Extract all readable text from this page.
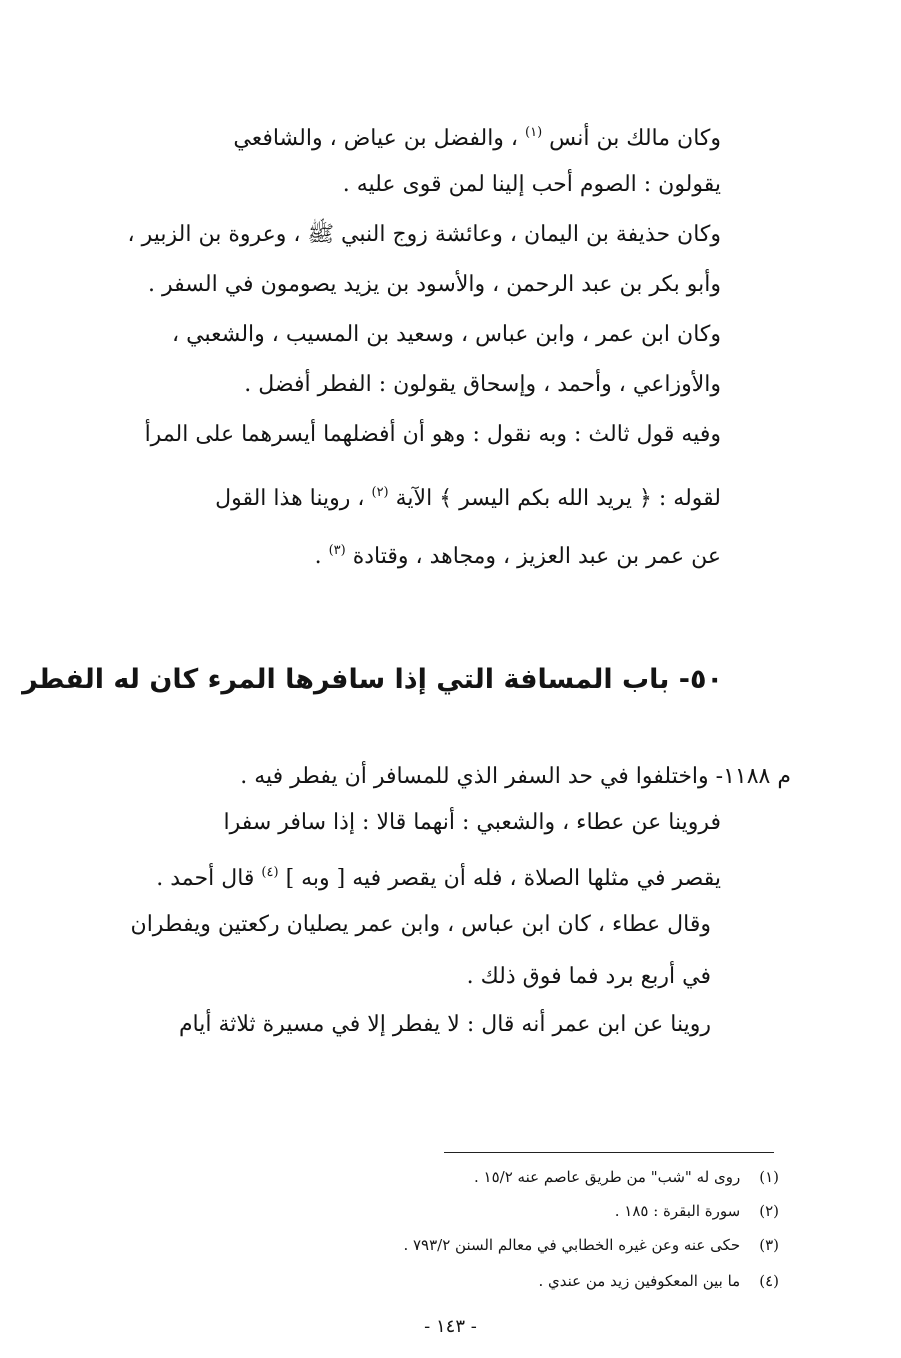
وكان مالك بن أنس $^{(١)}$ ، والفضل بن عياض ، والشافعي
يقولون : الصوم أحب إلينا لمن قوى عليه .
وكان حذيفة بن اليمان ، وعائشة زوج النبي ﷺ ، وعروة بن الزبير ،
وأبو بكر بن عبد الرحمن ، والأسود بن يزيد يصومون في السفر .
وكان ابن عمر ، وابن عباس ، وسعيد بن المسيب ، والشعبي ،
والأوزاعي ، وأحمد ، وإسحاق يقولون : الفطر أفضل .
وفيه قول ثالث : وبه نقول : وهو أن أفضلهما أيسرهما على المرأ
لقوله : ﴿ يريد الله بكم اليسر ﴾ الآية $^{(٢)}$ ، روينا هذا القول
عن عمر بن عبد العزيز ، ومجاهد ، وقتادة $^{(٣)}$ .
٥٠- باب المسافة التي إذا سافرها المرء كان له الفطر
م ١١٨٨- واختلفوا في حد السفر الذي للمسافر أن يفطر فيه .
فروينا عن عطاء ، والشعبي : أنهما قالا : إذا سافر سفرا
يقصر في مثلها الصلاة ، فله أن يقصر فيه [ وبه ] $^{(٤)}$ قال أحمد .
وقال عطاء ، كان ابن عباس ، وابن عمر يصليان ركعتين ويفطران
في أربع برد فما فوق ذلك .
روينا عن ابن عمر أنه قال : لا يفطر إلا في مسيرة ثلاثة أيام
(١) روى له "شب" من طريق عاصم عنه ١٥/٢ .
(٢) سورة البقرة : ١٨٥ .
(٣) حكى عنه وعن غيره الخطابي في معالم السنن ٧٩٣/٢ .
(٤) ما بين المعكوفين زيد من عندي .
- ١٤٣ -
